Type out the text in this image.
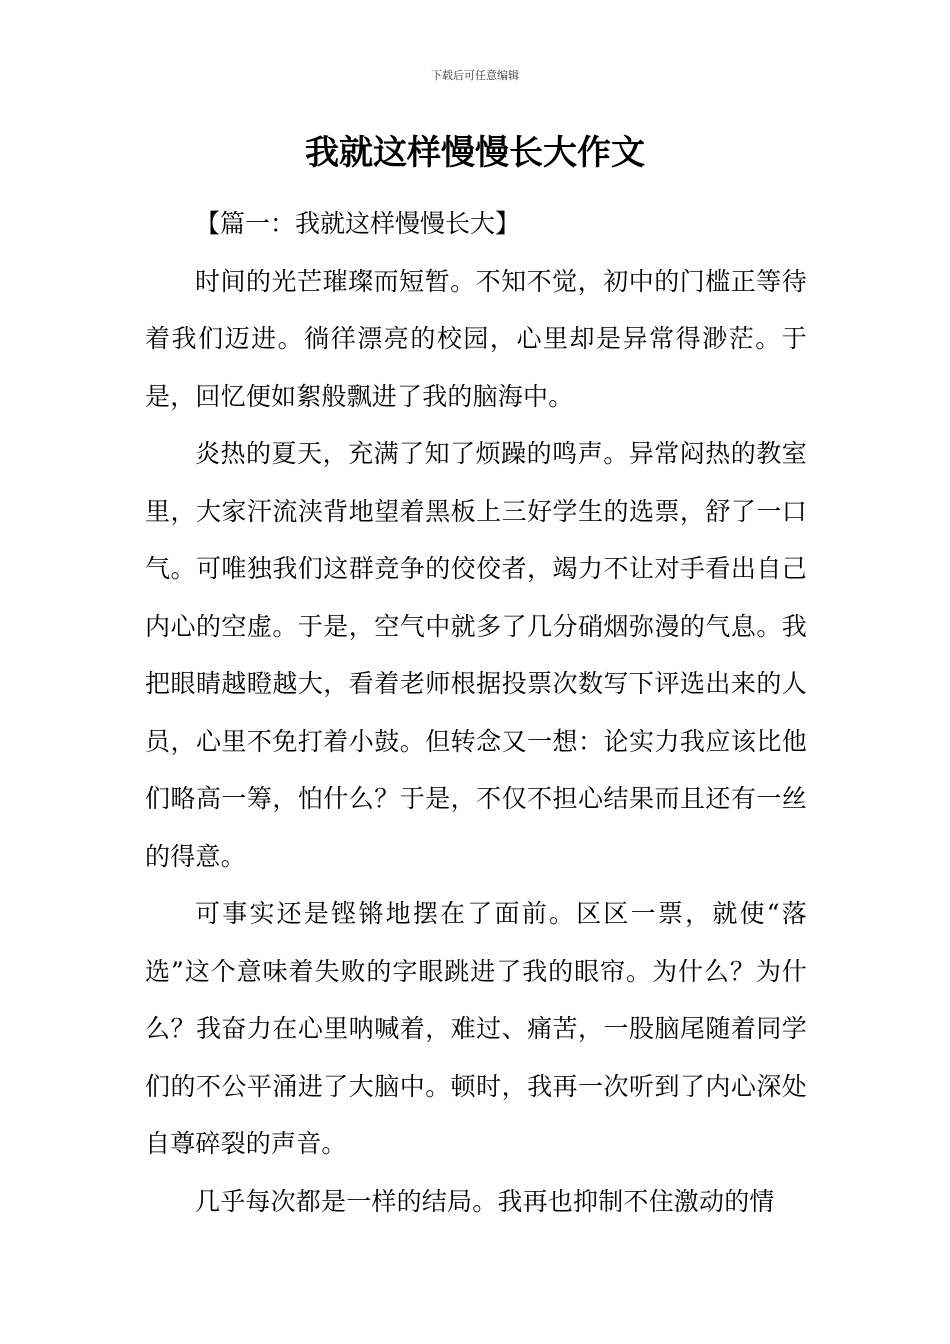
下载后可任意编辑
我就这样慢慢长大作文

【篇一：我就这样慢慢长大】

时间的光芒璀璨而短暂。不知不觉，初中的门槛正等待着我们迈进。徜徉漂亮的校园，心里却是异常得渺茫。于是，回忆便如絮般飘进了我的脑海中。

炎热的夏天，充满了知了烦躁的鸣声。异常闷热的教室里，大家汗流浃背地望着黑板上三好学生的选票，舒了一口气。可唯独我们这群竞争的佼佼者，竭力不让对手看出自己内心的空虚。于是，空气中就多了几分硝烟弥漫的气息。我把眼睛越瞪越大，看着老师根据投票次数写下评选出来的人员，心里不免打着小鼓。但转念又一想：论实力我应该比他们略高一筹，怕什么？于是，不仅不担心结果而且还有一丝的得意。

可事实还是铿锵地摆在了面前。区区一票，就使“落选”这个意味着失败的字眼跳进了我的眼帘。为什么？为什么？我奋力在心里呐喊着，难过、痛苦，一股脑尾随着同学们的不公平涌进了大脑中。顿时，我再一次听到了内心深处自尊碎裂的声音。

几乎每次都是一样的结局。我再也抑制不住激动的情
